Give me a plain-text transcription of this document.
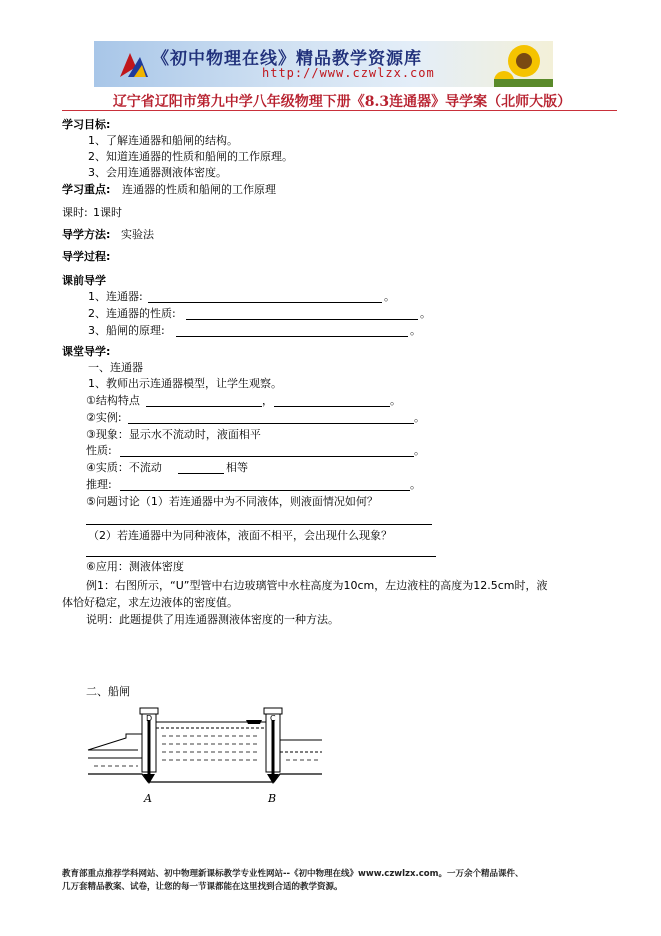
《初中物理在线》精品教学资源库
http://www.czwlzx.com
辽宁省辽阳市第九中学八年级物理下册《8.3连通器》导学案（北师大版）
学习目标:
1、了解连通器和船闸的结构。
2、知道连通器的性质和船闸的工作原理。
3、会用连通器测液体密度。
学习重点: 连通器的性质和船闸的工作原理
课时: 1课时
导学方法: 实验法
导学过程:
课前导学
1、连通器:	。
2、连通器的性质:	。
3、船闸的原理:	。
课堂导学:
一、连通器
1、教师出示连通器模型，让学生观察。
①结构特点	，	。
②实例:	。
③现象：显示水不流动时，液面相平
性质:	。
④实质：不流动	相等
推理:	。
⑤问题讨论（1）若连通器中为不同液体，则液面情况如何？
（2）若连通器中为同种液体，液面不相平，会出现什么现象？
⑥应用：测液体密度
例1：右图所示，“U”型管中右边玻璃管中水柱高度为10cm，左边液柱的高度为12.5cm时，液
体恰好稳定，求左边液体的密度值。
说明：此题提供了用连通器测液体密度的一种方法。
二、船闸
A	B
D	C
教育部重点推荐学科网站、初中物理新课标教学专业性网站--《初中物理在线》www.czwlzx.com。一万余个精品课件、
几万套精品教案、试卷，让您的每一节课都能在这里找到合适的教学资源。
